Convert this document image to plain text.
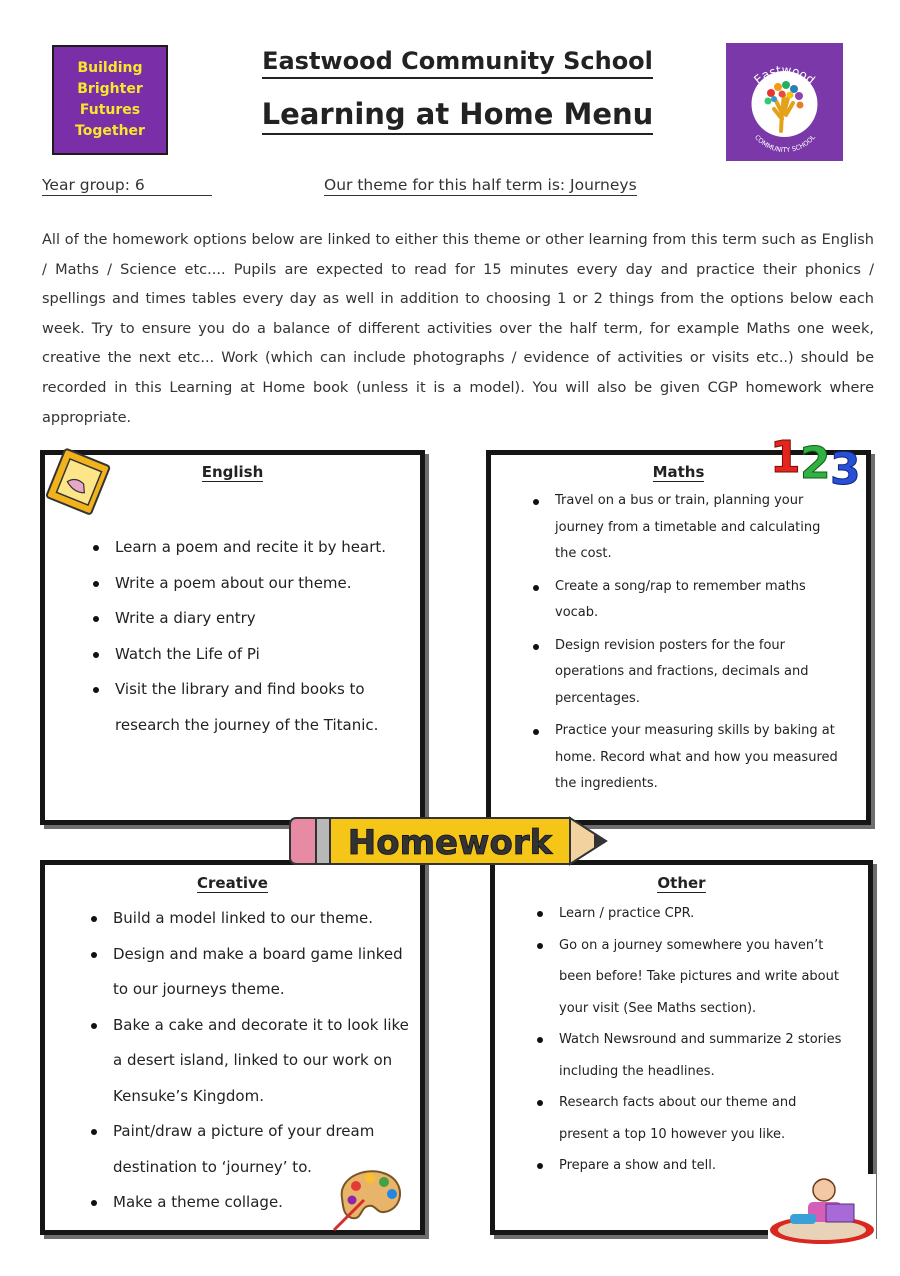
Building
Brighter
Futures
Together
Eastwood
COMMUNITY SCHOOL
Eastwood Community School
Learning at Home Menu
Year group: 6	Our theme for this half term is: Journeys

All of the homework options below are linked to either this theme or other learning from this term such as English / Maths / Science etc.... Pupils are expected to read for 15 minutes every day and practice their phonics / spellings and times tables every day as well in addition to choosing 1 or 2 things from the options below each week. Try to ensure you do a balance of different activities over the half term, for example Maths one week, creative the next etc... Work (which can include photographs / evidence of activities or visits etc..) should be recorded in this Learning at Home book (unless it is a model). You will also be given CGP homework where appropriate.

English
Learn a poem and recite it by heart.
Write a poem about our theme.
Write a diary entry
Watch the Life of Pi
Visit the library and find books to research the journey of the Titanic.
Maths
Travel on a bus or train, planning your journey from a timetable and calculating the cost.
Create a song/rap to remember maths vocab.
Design revision posters for the four operations and fractions, decimals and percentages.
Practice your measuring skills by baking at home. Record what and how you measured the ingredients.
Creative
Build a model linked to our theme.
Design and make a board game linked to our journeys theme.
Bake a cake and decorate it to look like a desert island, linked to our work on Kensuke’s Kingdom.
Paint/draw a picture of your dream destination to ‘journey’ to.
Make a theme collage.
Other
Learn / practice CPR.
Go on a journey somewhere you haven’t been before! Take pictures and write about your visit (See Maths section).
Watch Newsround and summarize 2 stories including the headlines.
Research facts about our theme and present a top 10 however you like.
Prepare a show and tell.
1 2 3
Homework
